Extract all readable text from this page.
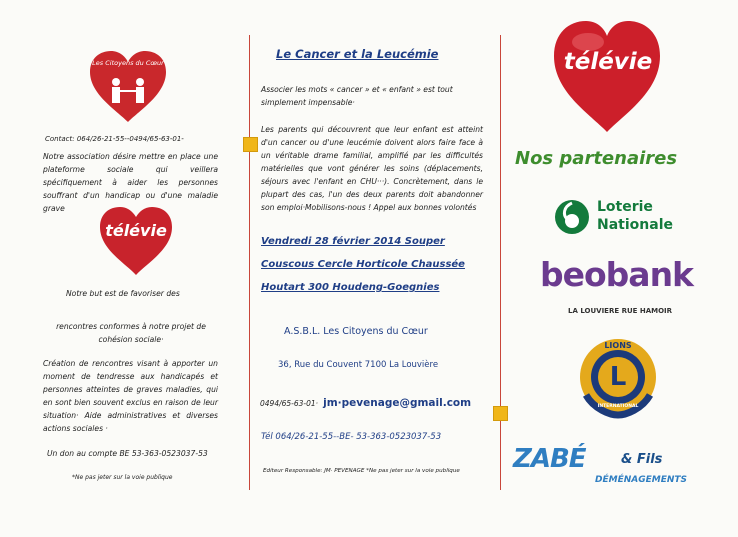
Les Citoyens du Cœur
Contact: 064/26-21-55--0494/65-63-01-
Notre association désire mettre en place une plateforme sociale qui veillera spécifiquement à aider les personnes souffrant d'un handicap ou d'une maladie grave
télévie
Notre but est de favoriser des
rencontres conformes à notre projet de cohésion sociale·
Création de rencontres visant à apporter un moment de tendresse aux handicapés et personnes atteintes de graves maladies, qui en sont bien souvent exclus en raison de leur situation· Aide administratives et diverses actions sociales ·
Un don au compte BE 53-363-0523037-53
*Ne pas jeter sur la voie publique
Le Cancer et la Leucémie
Associer les mots « cancer » et « enfant » est tout simplement impensable·
Les parents qui découvrent que leur enfant est atteint d'un cancer ou d'une leucémie doivent alors faire face à un véritable drame familial, amplifié par les difficultés matérielles que vont générer les soins (déplacements, séjours avec l'enfant en CHU···). Concrètement, dans le plupart des cas, l'un des deux parents doit abandonner son emploi·Mobilisons-nous ! Appel aux bonnes volontés
Vendredi 28 février 2014 Souper
Couscous Cercle Horticole Chaussée
Houtart 300 Houdeng-Goegnies
A.S.B.L. Les Citoyens du Cœur
36, Rue du Couvent 7100 La Louvière
0494/65-63-01· jm·pevenage@gmail.com
Tél 064/26-21-55--BE- 53-363-0523037-53
Editeur Responsable: JM· PEVENAGE *Ne pas jeter sur la voie publique
télévie
Nos partenaires
Loterie
Nationale
beobank
LA LOUVIERE RUE HAMOIR
LIONS
L
INTERNATIONAL
ZABÉ	& Fils
DÉMÉNAGEMENTS
